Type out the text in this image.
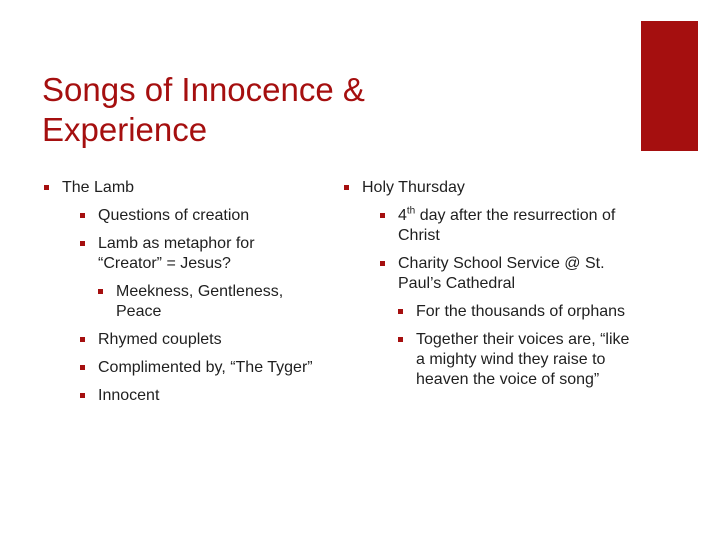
Songs of Innocence &
Experience
The Lamb
Questions of creation
Lamb as metaphor for “Creator” = Jesus?
Meekness, Gentleness, Peace
Rhymed couplets
Complimented by, “The Tyger”
Innocent
Holy Thursday
4th day after the resurrection of Christ
Charity School Service @ St. Paul’s Cathedral
For the thousands of orphans
Together their voices are, “like a mighty wind they raise to heaven the voice of song”
